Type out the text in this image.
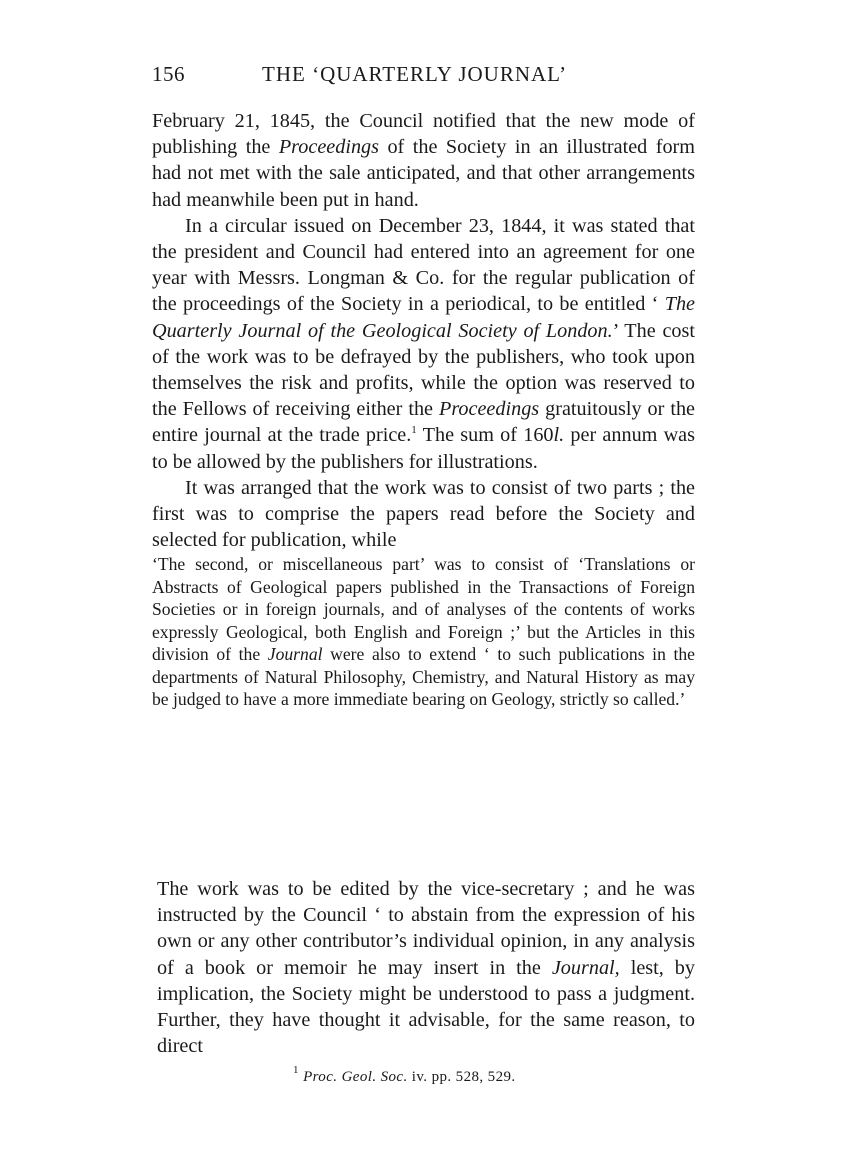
156	THE ‘QUARTERLY JOURNAL’

February 21, 1845, the Council notified that the new mode of publishing the Proceedings of the Society in an illustrated form had not met with the sale anticipated, and that other arrangements had meanwhile been put in hand.

In a circular issued on December 23, 1844, it was stated that the president and Council had entered into an agreement for one year with Messrs. Longman & Co. for the regular publication of the proceedings of the Society in a periodical, to be entitled ‘ The Quarterly Journal of the Geological Society of London.’ The cost of the work was to be defrayed by the publishers, who took upon themselves the risk and profits, while the option was reserved to the Fellows of receiving either the Proceedings gratuitously or the entire journal at the trade price.$^1$ The sum of 160l. per annum was to be allowed by the publishers for illustrations.

It was arranged that the work was to consist of two parts ; the first was to comprise the papers read before the Society and selected for publication, while

‘The second, or miscellaneous part’ was to consist of ‘Translations or Abstracts of Geological papers published in the Transactions of Foreign Societies or in foreign journals, and of analyses of the contents of works expressly Geological, both English and Foreign ;’ but the Articles in this division of the Journal were also to extend ‘ to such publications in the departments of Natural Philosophy, Chemistry, and Natural History as may be judged to have a more immediate bearing on Geology, strictly so called.’

The work was to be edited by the vice-secretary ; and he was instructed by the Council ‘ to abstain from the expression of his own or any other contributor’s individual opinion, in any analysis of a book or memoir he may insert in the Journal, lest, by implication, the Society might be understood to pass a judgment. Further, they have thought it advisable, for the same reason, to direct

$^1$ Proc. Geol. Soc. iv. pp. 528, 529.
